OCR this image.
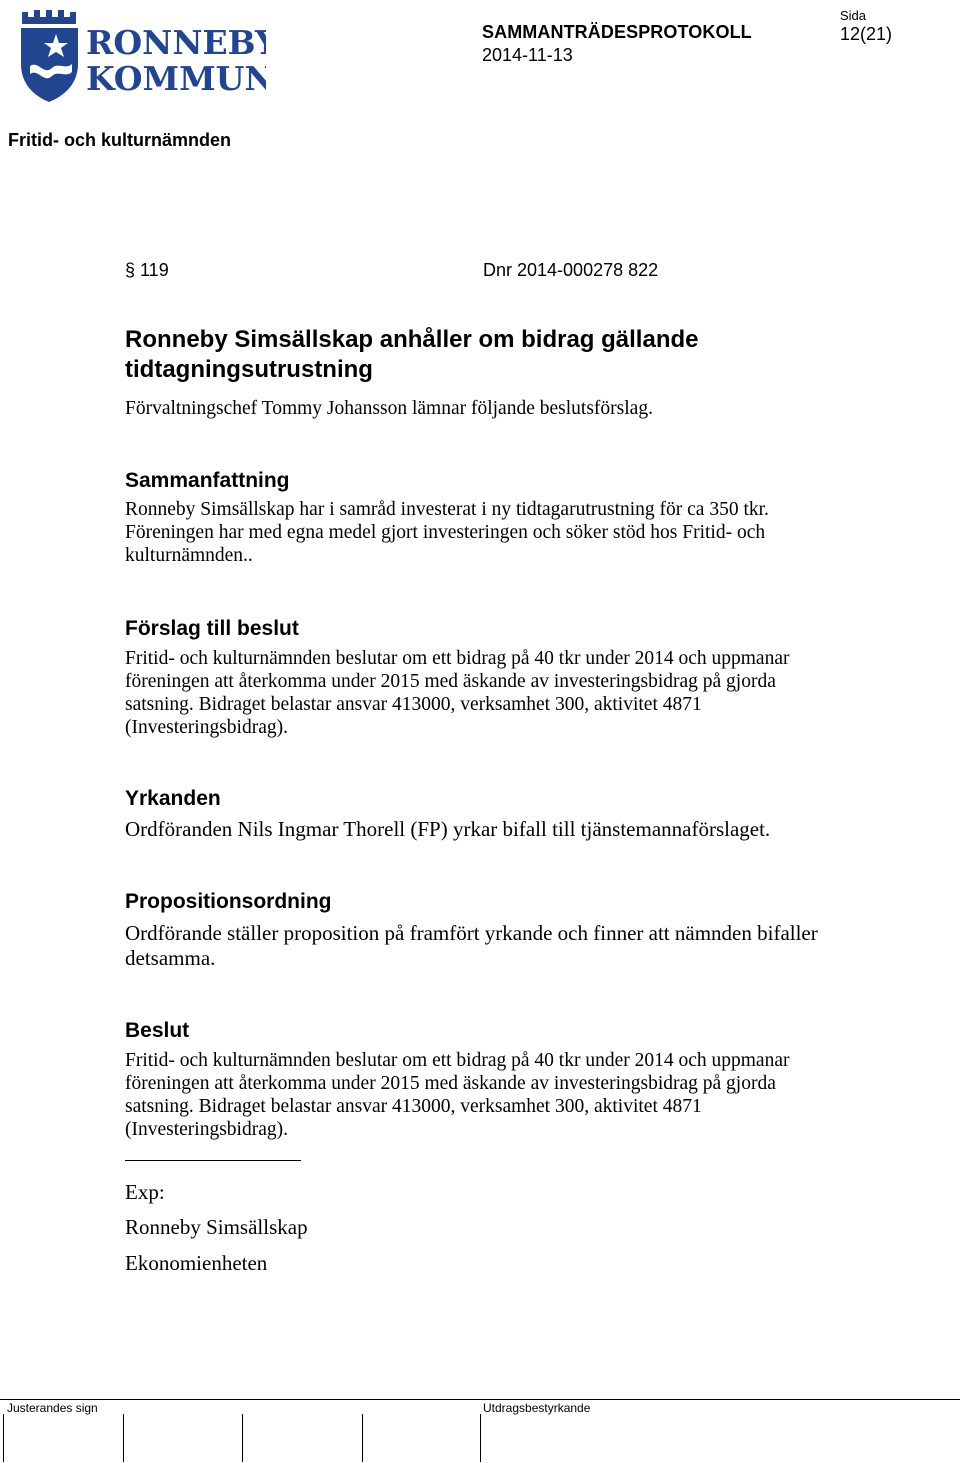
RONNEBY
KOMMUN
SAMMANTRÄDESPROTOKOLL
2014-11-13
Sida
12(21)
Fritid- och kulturnämnden
§ 119	Dnr 2014-000278 822
Ronneby Simsällskap anhåller om bidrag gällande tidtagningsutrustning
Förvaltningschef Tommy Johansson lämnar följande beslutsförslag.
Sammanfattning
Ronneby Simsällskap har i samråd investerat i ny tidtagarutrustning för ca 350 tkr. Föreningen har med egna medel gjort investeringen och söker stöd hos Fritid- och kulturnämnden..
Förslag till beslut
Fritid- och kulturnämnden beslutar om ett bidrag på 40 tkr under 2014 och uppmanar föreningen att återkomma under 2015 med äskande av investeringsbidrag på gjorda satsning. Bidraget belastar ansvar 413000, verksamhet 300, aktivitet 4871 (Investeringsbidrag).
Yrkanden
Ordföranden Nils Ingmar Thorell (FP) yrkar bifall till tjänstemannaförslaget.
Propositionsordning
Ordförande ställer proposition på framfört yrkande och finner att nämnden bifaller detsamma.
Beslut
Fritid- och kulturnämnden beslutar om ett bidrag på 40 tkr under 2014 och uppmanar föreningen att återkomma under 2015 med äskande av investeringsbidrag på gjorda satsning. Bidraget belastar ansvar 413000, verksamhet 300, aktivitet 4871 (Investeringsbidrag).
Exp:
Ronneby Simsällskap
Ekonomienheten
Justerandes sign	Utdragsbestyrkande
